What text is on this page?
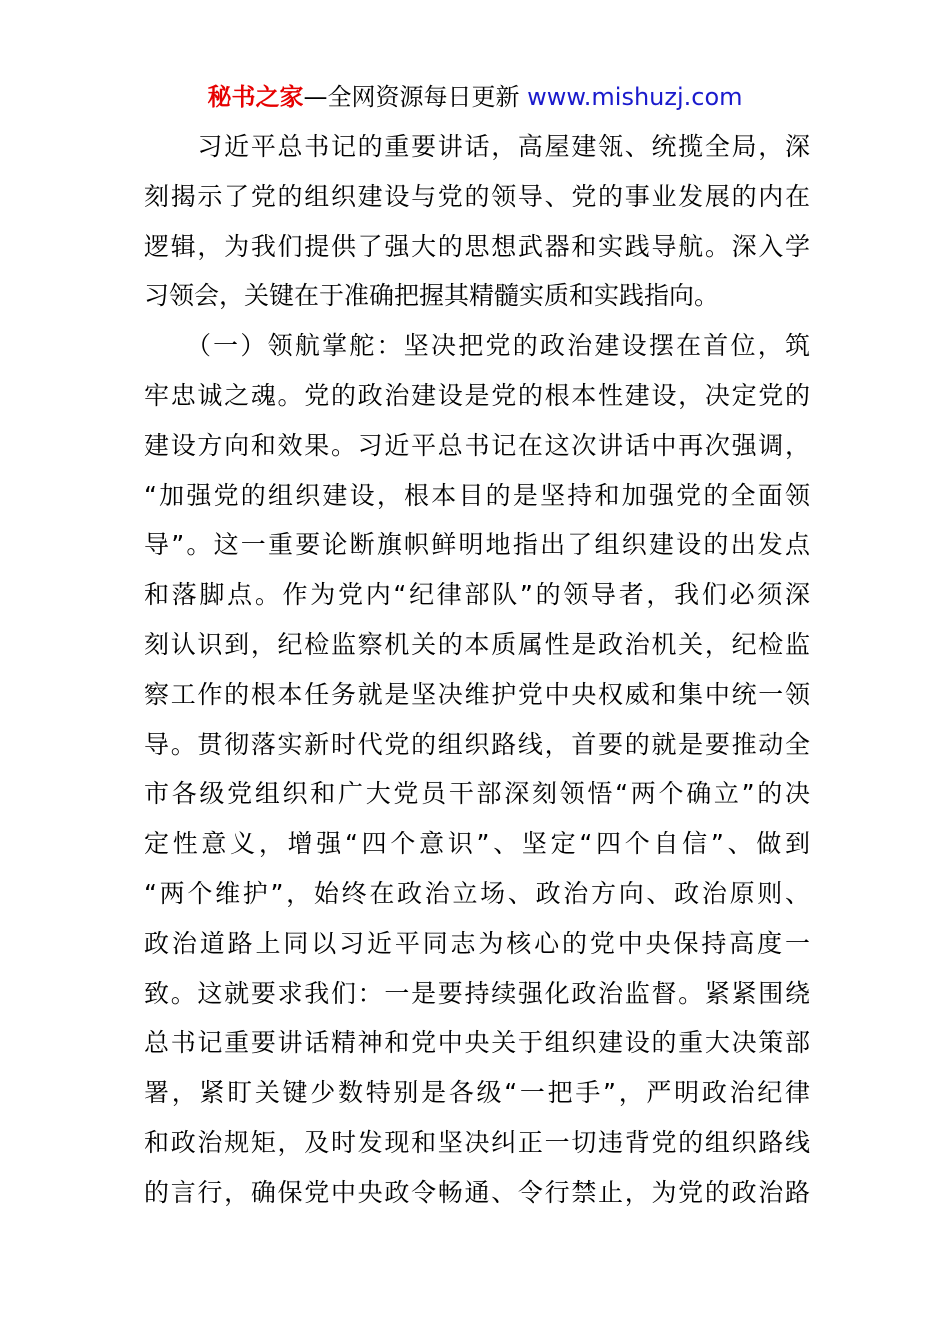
秘书之家—全网资源每日更新 www.mishuzj.com
　　习近平总书记的重要讲话，高屋建瓴、统揽全局，深
刻揭示了党的组织建设与党的领导、党的事业发展的内在
逻辑，为我们提供了强大的思想武器和实践导航。深入学
习领会，关键在于准确把握其精髓实质和实践指向。
　　（一）领航掌舵：坚决把党的政治建设摆在首位，筑
牢忠诚之魂。党的政治建设是党的根本性建设，决定党的
建设方向和效果。习近平总书记在这次讲话中再次强调，
“加强党的组织建设，根本目的是坚持和加强党的全面领
导”。这一重要论断旗帜鲜明地指出了组织建设的出发点
和落脚点。作为党内“纪律部队”的领导者，我们必须深
刻认识到，纪检监察机关的本质属性是政治机关，纪检监
察工作的根本任务就是坚决维护党中央权威和集中统一领
导。贯彻落实新时代党的组织路线，首要的就是要推动全
市各级党组织和广大党员干部深刻领悟“两个确立”的决
定性意义，增强“四个意识”、坚定“四个自信”、做到
“两个维护”，始终在政治立场、政治方向、政治原则、
政治道路上同以习近平同志为核心的党中央保持高度一
致。这就要求我们：一是要持续强化政治监督。紧紧围绕
总书记重要讲话精神和党中央关于组织建设的重大决策部
署，紧盯关键少数特别是各级“一把手”，严明政治纪律
和政治规矩，及时发现和坚决纠正一切违背党的组织路线
的言行，确保党中央政令畅通、令行禁止，为党的政治路
